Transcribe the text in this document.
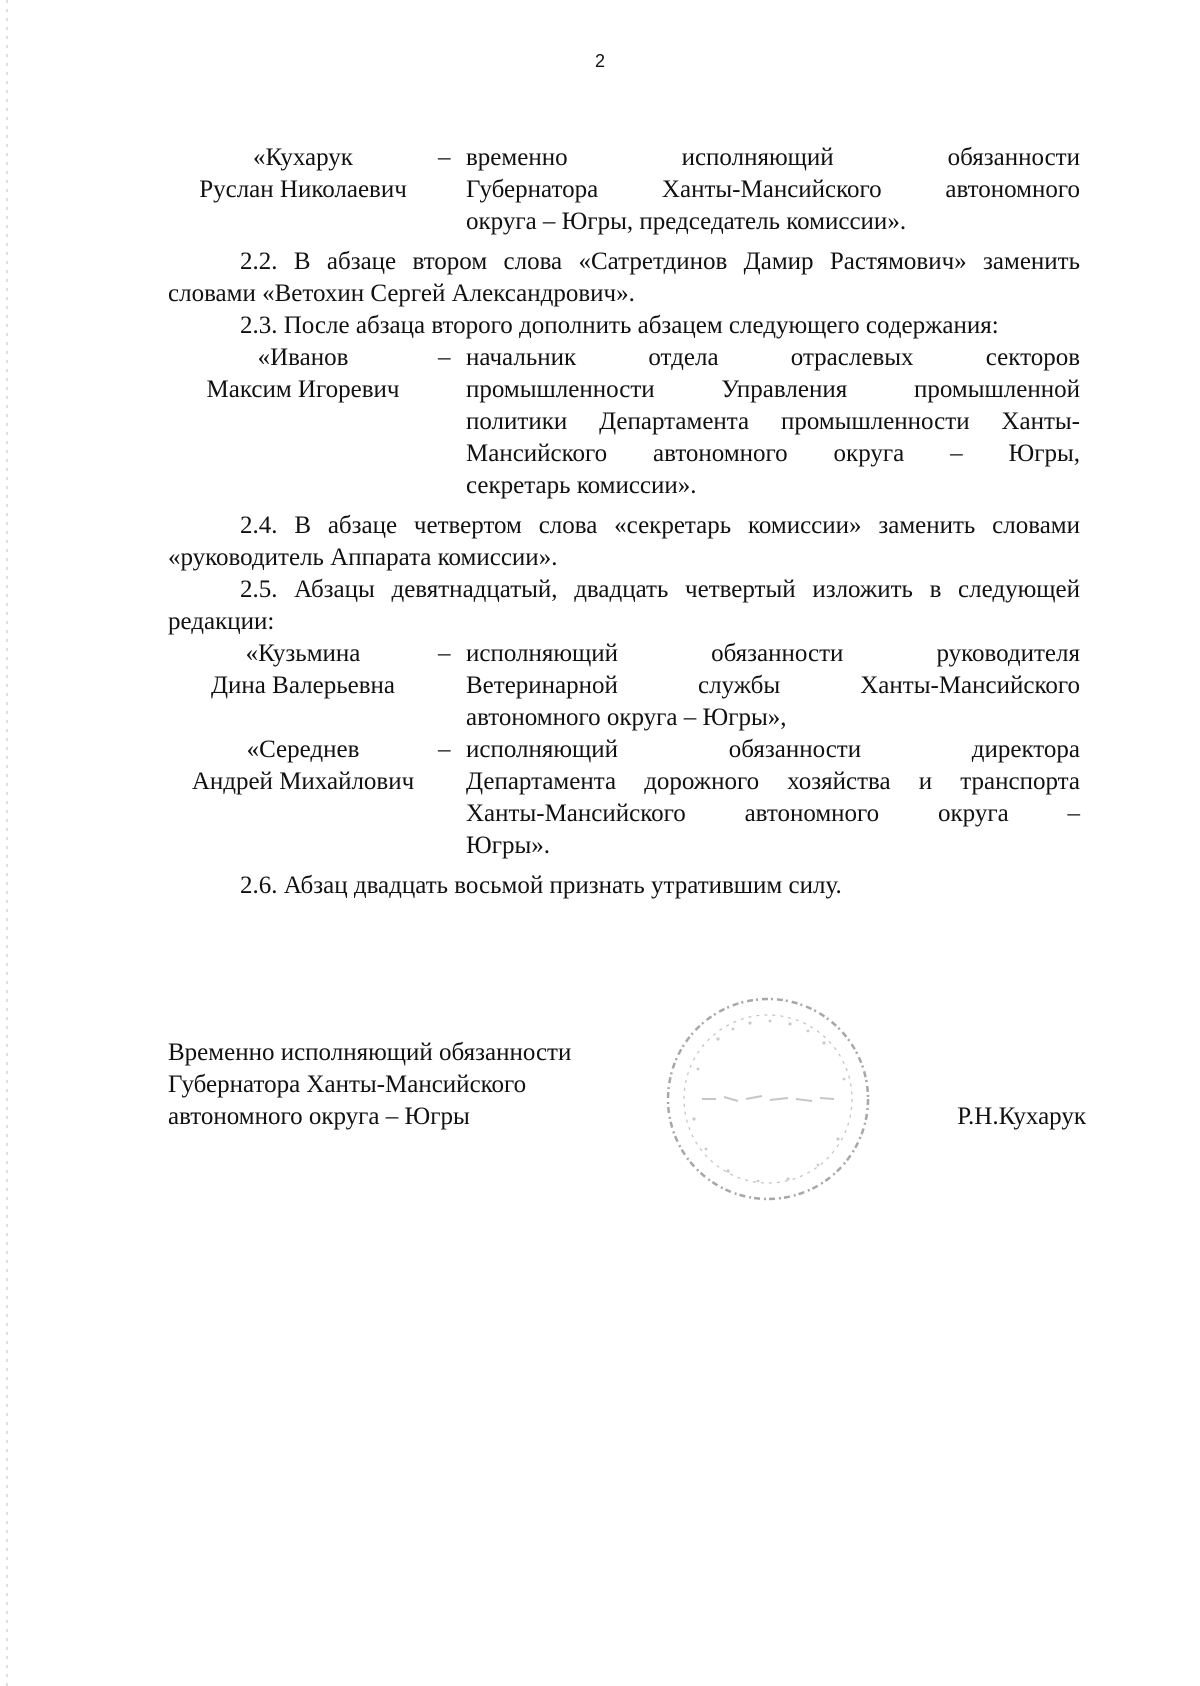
2
«Кухарук
Руслан Николаевич
– временно исполняющий обязанности
Губернатора Ханты-Мансийского автономного
округа – Югры, председатель комиссии».

2.2. В абзаце втором слова «Сатретдинов Дамир Растямович» заменить словами «Ветохин Сергей Александрович».

2.3. После абзаца второго дополнить абзацем следующего содержания:

«Иванов
Максим Игоревич
– начальник отдела отраслевых секторов
промышленности Управления промышленной
политики Департамента промышленности Ханты-
Мансийского автономного округа – Югры,
секретарь комиссии».

2.4. В абзаце четвертом слова «секретарь комиссии» заменить словами «руководитель Аппарата комиссии».

2.5. Абзацы девятнадцатый, двадцать четвертый изложить в следующей редакции:

«Кузьмина
Дина Валерьевна
– исполняющий обязанности руководителя
Ветеринарной службы Ханты-Мансийского
автономного округа – Югры»,
«Середнев
Андрей Михайлович
– исполняющий обязанности директора
Департамента дорожного хозяйства и транспорта
Ханты-Мансийского автономного округа –
Югры».

2.6. Абзац двадцать восьмой признать утратившим силу.

Временно исполняющий обязанности
Губернатора Ханты-Мансийского
автономного округа – Югры	Р.Н.Кухарук
